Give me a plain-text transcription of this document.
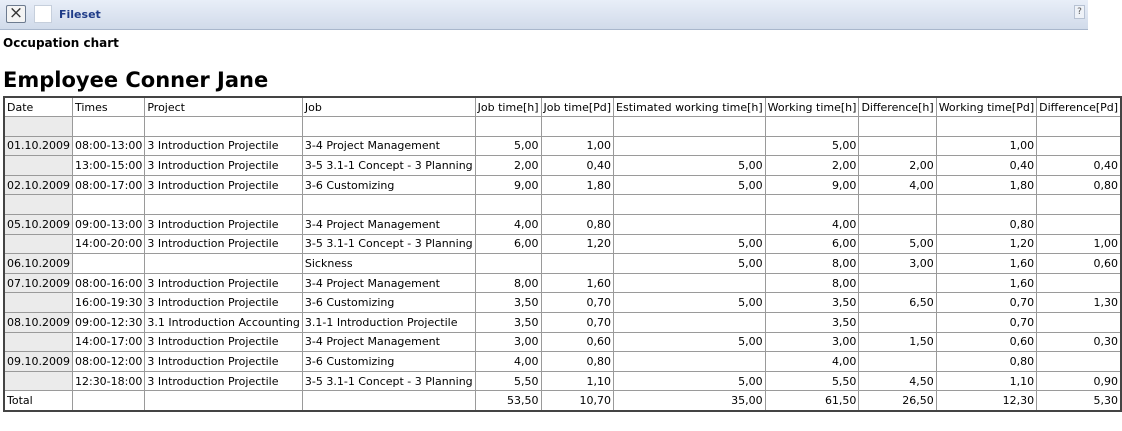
×	Fileset	?
Occupation chart
Employee Conner Jane
Date	Times	Project	Job	Job time[h]	Job time[Pd]	Estimated working time[h]	Working time[h]	Difference[h]	Working time[Pd]	Difference[Pd]

01.10.2009	08:00-13:00	3 Introduction Projectile	3-4 Project Management	5,00	1,00		5,00		1,00	
	13:00-15:00	3 Introduction Projectile	3-5 3.1-1 Concept - 3 Planning	2,00	0,40	5,00	2,00	2,00	0,40	0,40
02.10.2009	08:00-17:00	3 Introduction Projectile	3-6 Customizing	9,00	1,80	5,00	9,00	4,00	1,80	0,80

05.10.2009	09:00-13:00	3 Introduction Projectile	3-4 Project Management	4,00	0,80		4,00		0,80	
	14:00-20:00	3 Introduction Projectile	3-5 3.1-1 Concept - 3 Planning	6,00	1,20	5,00	6,00	5,00	1,20	1,00
06.10.2009			Sickness			5,00	8,00	3,00	1,60	0,60
07.10.2009	08:00-16:00	3 Introduction Projectile	3-4 Project Management	8,00	1,60		8,00		1,60	
	16:00-19:30	3 Introduction Projectile	3-6 Customizing	3,50	0,70	5,00	3,50	6,50	0,70	1,30
08.10.2009	09:00-12:30	3.1 Introduction Accounting	3.1-1 Introduction Projectile	3,50	0,70		3,50		0,70	
	14:00-17:00	3 Introduction Projectile	3-4 Project Management	3,00	0,60	5,00	3,00	1,50	0,60	0,30
09.10.2009	08:00-12:00	3 Introduction Projectile	3-6 Customizing	4,00	0,80		4,00		0,80	
	12:30-18:00	3 Introduction Projectile	3-5 3.1-1 Concept - 3 Planning	5,50	1,10	5,00	5,50	4,50	1,10	0,90
Total				53,50	10,70	35,00	61,50	26,50	12,30	5,30
